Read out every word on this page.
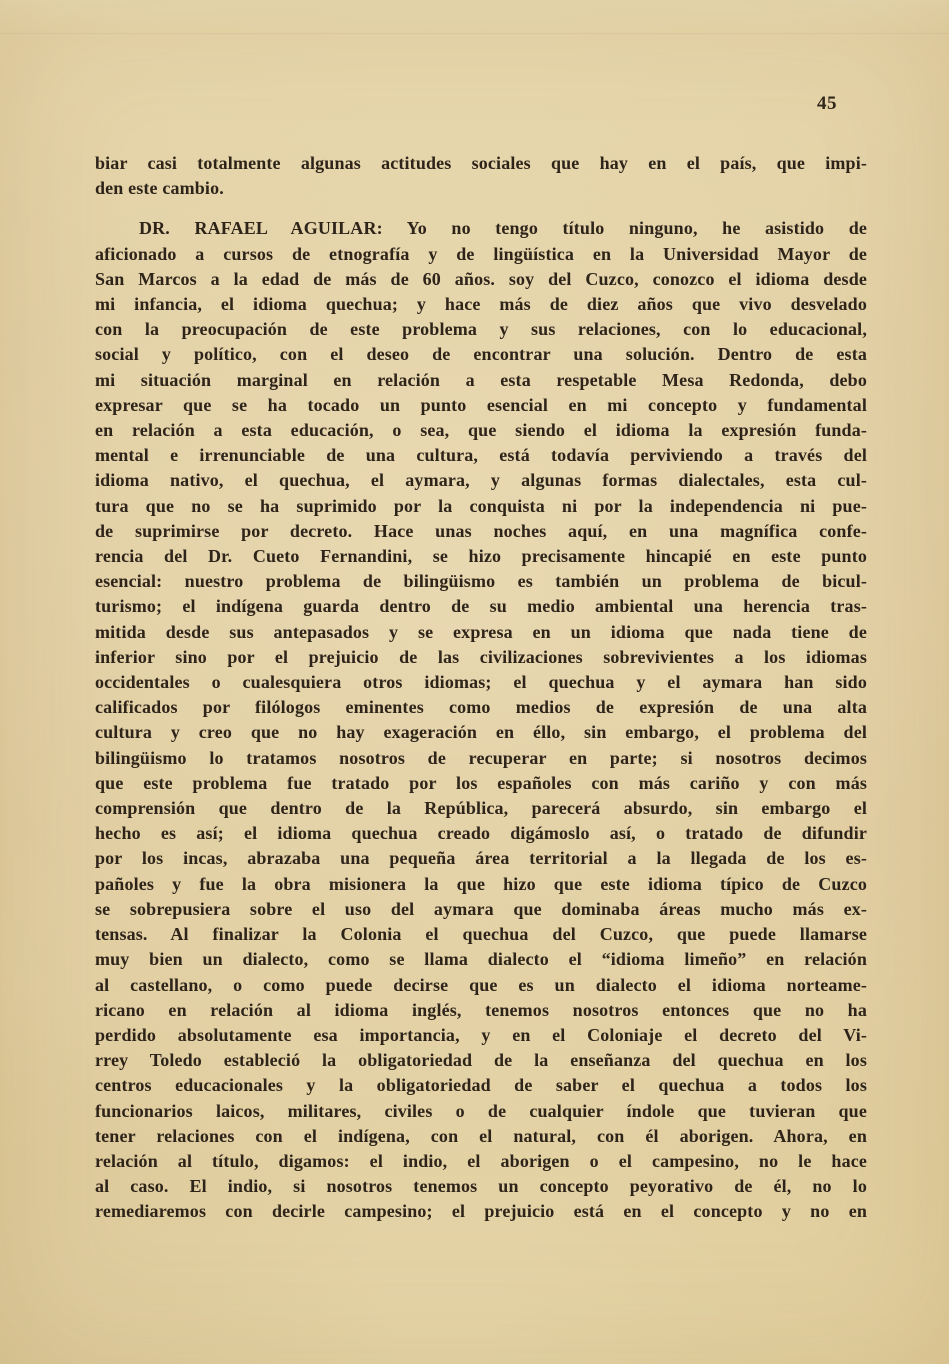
45

biar casi totalmente algunas actitudes sociales que hay en el país, que impi-
den este cambio.

DR. RAFAEL AGUILAR: Yo no tengo título ninguno, he asistido de
aficionado a cursos de etnografía y de lingüística en la Universidad Mayor de
San Marcos a la edad de más de 60 años. soy del Cuzco, conozco el idioma desde
mi infancia, el idioma quechua; y hace más de diez años que vivo desvelado
con la preocupación de este problema y sus relaciones, con lo educacional,
social y político, con el deseo de encontrar una solución. Dentro de esta
mi situación marginal en relación a esta respetable Mesa Redonda, debo
expresar que se ha tocado un punto esencial en mi concepto y fundamental
en relación a esta educación, o sea, que siendo el idioma la expresión funda-
mental e irrenunciable de una cultura, está todavía perviviendo a través del
idioma nativo, el quechua, el aymara, y algunas formas dialectales, esta cul-
tura que no se ha suprimido por la conquista ni por la independencia ni pue-
de suprimirse por decreto. Hace unas noches aquí, en una magnífica confe-
rencia del Dr. Cueto Fernandini, se hizo precisamente hincapié en este punto
esencial: nuestro problema de bilingüismo es también un problema de bicul-
turismo; el indígena guarda dentro de su medio ambiental una herencia tras-
mitida desde sus antepasados y se expresa en un idioma que nada tiene de
inferior sino por el prejuicio de las civilizaciones sobrevivientes a los idiomas
occidentales o cualesquiera otros idiomas; el quechua y el aymara han sido
calificados por filólogos eminentes como medios de expresión de una alta
cultura y creo que no hay exageración en éllo, sin embargo, el problema del
bilingüismo lo tratamos nosotros de recuperar en parte; si nosotros decimos
que este problema fue tratado por los españoles con más cariño y con más
comprensión que dentro de la República, parecerá absurdo, sin embargo el
hecho es así; el idioma quechua creado digámoslo así, o tratado de difundir
por los incas, abrazaba una pequeña área territorial a la llegada de los es-
pañoles y fue la obra misionera la que hizo que este idioma típico de Cuzco
se sobrepusiera sobre el uso del aymara que dominaba áreas mucho más ex-
tensas. Al finalizar la Colonia el quechua del Cuzco, que puede llamarse
muy bien un dialecto, como se llama dialecto el “idioma limeño” en relación
al castellano, o como puede decirse que es un dialecto el idioma norteame-
ricano en relación al idioma inglés, tenemos nosotros entonces que no ha
perdido absolutamente esa importancia, y en el Coloniaje el decreto del Vi-
rrey Toledo estableció la obligatoriedad de la enseñanza del quechua en los
centros educacionales y la obligatoriedad de saber el quechua a todos los
funcionarios laicos, militares, civiles o de cualquier índole que tuvieran que
tener relaciones con el indígena, con el natural, con él aborigen. Ahora, en
relación al título, digamos: el indio, el aborigen o el campesino, no le hace
al caso. El indio, si nosotros tenemos un concepto peyorativo de él, no lo
remediaremos con decirle campesino; el prejuicio está en el concepto y no en
